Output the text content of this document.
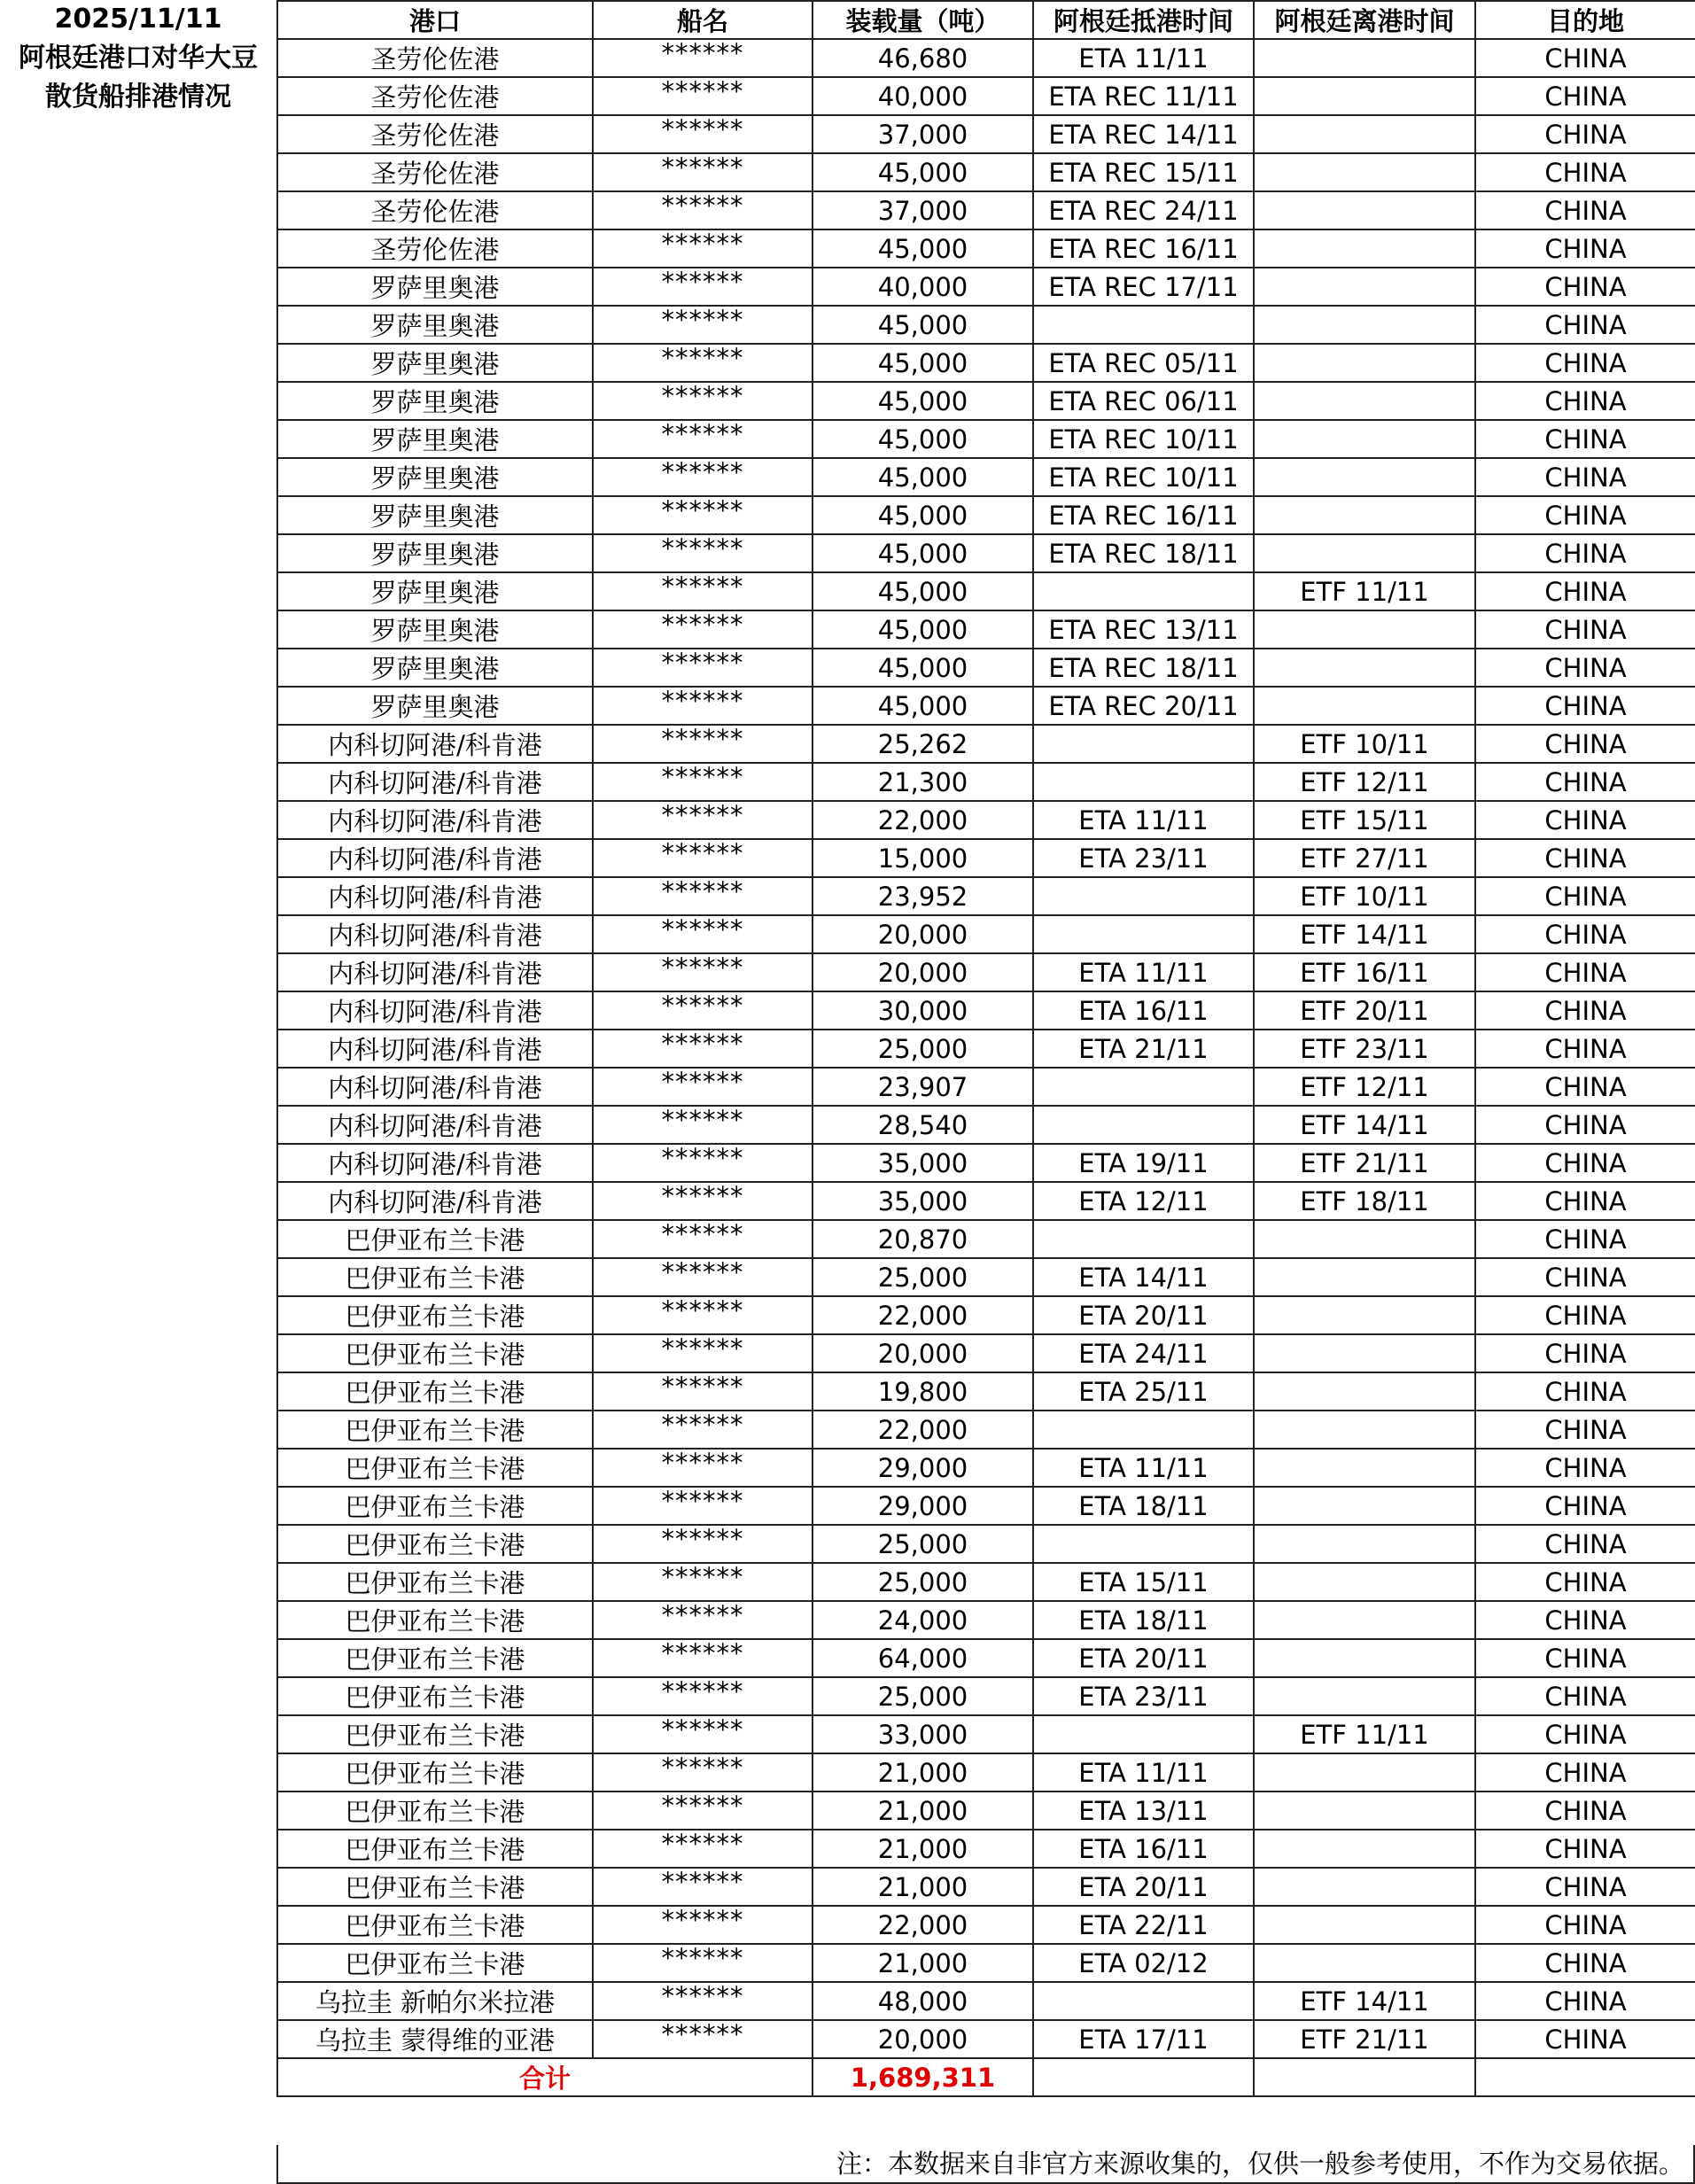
2025/11/11
阿根廷港口对华大豆
散货船排港情况
港口	船名	装载量（吨）	阿根廷抵港时间	阿根廷离港时间	目的地
圣劳伦佐港	******	46,680	ETA 11/11		CHINA
圣劳伦佐港	******	40,000	ETA REC 11/11		CHINA
圣劳伦佐港	******	37,000	ETA REC 14/11		CHINA
圣劳伦佐港	******	45,000	ETA REC 15/11		CHINA
圣劳伦佐港	******	37,000	ETA REC 24/11		CHINA
圣劳伦佐港	******	45,000	ETA REC 16/11		CHINA
罗萨里奥港	******	40,000	ETA REC 17/11		CHINA
罗萨里奥港	******	45,000			CHINA
罗萨里奥港	******	45,000	ETA REC 05/11		CHINA
罗萨里奥港	******	45,000	ETA REC 06/11		CHINA
罗萨里奥港	******	45,000	ETA REC 10/11		CHINA
罗萨里奥港	******	45,000	ETA REC 10/11		CHINA
罗萨里奥港	******	45,000	ETA REC 16/11		CHINA
罗萨里奥港	******	45,000	ETA REC 18/11		CHINA
罗萨里奥港	******	45,000		ETF 11/11	CHINA
罗萨里奥港	******	45,000	ETA REC 13/11		CHINA
罗萨里奥港	******	45,000	ETA REC 18/11		CHINA
罗萨里奥港	******	45,000	ETA REC 20/11		CHINA
内科切阿港/科肯港	******	25,262		ETF 10/11	CHINA
内科切阿港/科肯港	******	21,300		ETF 12/11	CHINA
内科切阿港/科肯港	******	22,000	ETA 11/11	ETF 15/11	CHINA
内科切阿港/科肯港	******	15,000	ETA 23/11	ETF 27/11	CHINA
内科切阿港/科肯港	******	23,952		ETF 10/11	CHINA
内科切阿港/科肯港	******	20,000		ETF 14/11	CHINA
内科切阿港/科肯港	******	20,000	ETA 11/11	ETF 16/11	CHINA
内科切阿港/科肯港	******	30,000	ETA 16/11	ETF 20/11	CHINA
内科切阿港/科肯港	******	25,000	ETA 21/11	ETF 23/11	CHINA
内科切阿港/科肯港	******	23,907		ETF 12/11	CHINA
内科切阿港/科肯港	******	28,540		ETF 14/11	CHINA
内科切阿港/科肯港	******	35,000	ETA 19/11	ETF 21/11	CHINA
内科切阿港/科肯港	******	35,000	ETA 12/11	ETF 18/11	CHINA
巴伊亚布兰卡港	******	20,870			CHINA
巴伊亚布兰卡港	******	25,000	ETA 14/11		CHINA
巴伊亚布兰卡港	******	22,000	ETA 20/11		CHINA
巴伊亚布兰卡港	******	20,000	ETA 24/11		CHINA
巴伊亚布兰卡港	******	19,800	ETA 25/11		CHINA
巴伊亚布兰卡港	******	22,000			CHINA
巴伊亚布兰卡港	******	29,000	ETA 11/11		CHINA
巴伊亚布兰卡港	******	29,000	ETA 18/11		CHINA
巴伊亚布兰卡港	******	25,000			CHINA
巴伊亚布兰卡港	******	25,000	ETA 15/11		CHINA
巴伊亚布兰卡港	******	24,000	ETA 18/11		CHINA
巴伊亚布兰卡港	******	64,000	ETA 20/11		CHINA
巴伊亚布兰卡港	******	25,000	ETA 23/11		CHINA
巴伊亚布兰卡港	******	33,000		ETF 11/11	CHINA
巴伊亚布兰卡港	******	21,000	ETA 11/11		CHINA
巴伊亚布兰卡港	******	21,000	ETA 13/11		CHINA
巴伊亚布兰卡港	******	21,000	ETA 16/11		CHINA
巴伊亚布兰卡港	******	21,000	ETA 20/11		CHINA
巴伊亚布兰卡港	******	22,000	ETA 22/11		CHINA
巴伊亚布兰卡港	******	21,000	ETA 02/12		CHINA
乌拉圭 新帕尔米拉港	******	48,000		ETF 14/11	CHINA
乌拉圭 蒙得维的亚港	******	20,000	ETA 17/11	ETF 21/11	CHINA
合计		1,689,311			
注：本数据来自非官方来源收集的，仅供一般参考使用，不作为交易依据。
